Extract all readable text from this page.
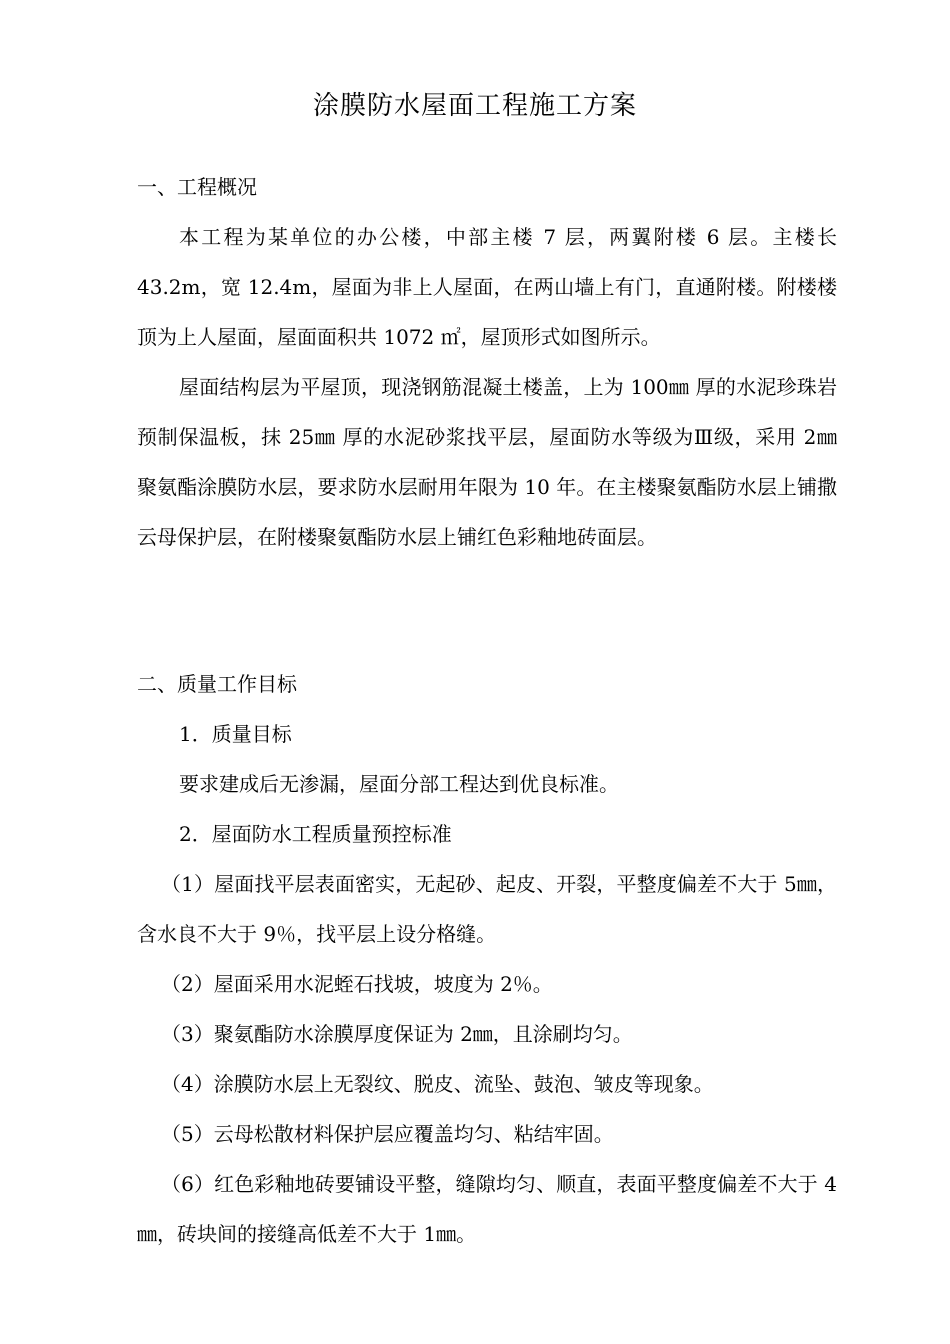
涂膜防水屋面工程施工方案
一、工程概况
本工程为某单位的办公楼，中部主楼 7 层，两翼附楼 6 层。主楼长 43.2m，宽 12.4m，屋面为非上人屋面，在两山墙上有门，直通附楼。附楼楼顶为上人屋面，屋面面积共 1072 ㎡，屋顶形式如图所示。
屋面结构层为平屋顶，现浇钢筋混凝土楼盖，上为 100㎜ 厚的水泥珍珠岩预制保温板，抹 25㎜ 厚的水泥砂浆找平层，屋面防水等级为Ⅲ级，采用 2㎜ 聚氨酯涂膜防水层，要求防水层耐用年限为 10 年。在主楼聚氨酯防水层上铺撒云母保护层，在附楼聚氨酯防水层上铺红色彩釉地砖面层。
二、质量工作目标
1．质量目标
要求建成后无渗漏，屋面分部工程达到优良标准。
2．屋面防水工程质量预控标准
（1）屋面找平层表面密实，无起砂、起皮、开裂，平整度偏差不大于 5㎜，含水良不大于 9％，找平层上设分格缝。
（2）屋面采用水泥蛭石找坡，坡度为 2％。
（3）聚氨酯防水涂膜厚度保证为 2㎜，且涂刷均匀。
（4）涂膜防水层上无裂纹、脱皮、流坠、鼓泡、皱皮等现象。
（5）云母松散材料保护层应覆盖均匀、粘结牢固。
（6）红色彩釉地砖要铺设平整，缝隙均匀、顺直，表面平整度偏差不大于 4㎜，砖块间的接缝高低差不大于 1㎜。
